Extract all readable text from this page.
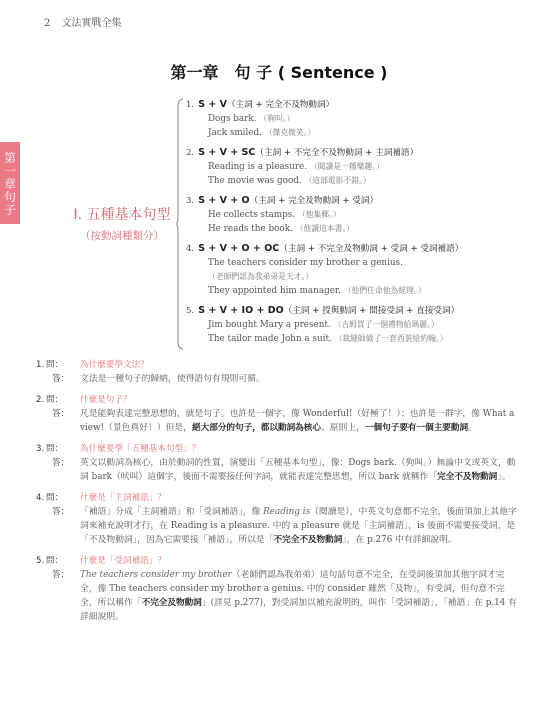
2 文法實戰全集
第一章 句子
第一章　句 子 ( Sentence )
I. 五種基本句型
（按動詞種類分）
1. S + V（主詞 + 完全不及物動詞）
Dogs bark. （狗叫。）
Jack smiled. （傑克微笑。）
2. S + V + SC（主詞 + 不完全不及物動詞 + 主詞補語）
Reading is a pleasure. （閱讀是一種樂趣。）
The movie was good. （這部電影不錯。）
3. S + V + O（主詞 + 完全及物動詞 + 受詞）
He collects stamps. （他集郵。）
He reads the book. （他讀這本書。）
4. S + V + O + OC（主詞 + 不完全及物動詞 + 受詞 + 受詞補語）
The teachers consider my brother a genius.
（老師們認為我弟弟是天才。）
They appointed him manager. （他們任命他為經理。）
5. S + V + IO + DO（主詞 + 授與動詞 + 間接受詞 + 直接受詞）
Jim bought Mary a present. （吉姆買了一個禮物給瑪麗。）
The tailor made John a suit. （裁縫師做了一套西裝給約翰。）
1. 問：	為什麼要學文法？
答：	文法是一種句子的歸納，使得語句有規則可循。
2. 問：	什麼是句子？
答：	凡是能夠表達完整思想的，就是句子。也許是一個字，像 Wonderful!（好極了！）；也許是一群字，像 What a view!（景色真好！）但是，絕大部分的句子，都以動詞為核心。原則上，一個句子要有一個主要動詞。
3. 問：	為什麼要學「五種基本句型」？
答：	英文以動詞為核心，由於動詞的性質，演變出「五種基本句型」，像：Dogs bark.（狗叫。）無論中文或英文，動詞 bark（吠叫）這個字，後面不需要接任何字詞，就能表達完整思想，所以 bark 就稱作「完全不及物動詞」。
4. 問：	什麼是「主詞補語」？
答：	「補語」分成「主詞補語」和「受詞補語」，像 Reading is（閱讀是），中英文句意都不完全，後面須加上其他字詞來補充說明才行，在 Reading is a pleasure. 中的 a pleasure 就是「主詞補語」，is 後面不需要接受詞，是「不及物動詞」，因為它需要接「補語」，所以是「不完全不及物動詞」，在 p.276 中有詳細說明。
5. 問：	什麼是「受詞補語」？
答：	The teachers consider my brother（老師們認為我弟弟）這句話句意不完全，在受詞後須加其他字詞才完全，像 The teachers consider my brother a genius. 中的 consider 雖然「及物」，有受詞，但句意不完全，所以稱作「不完全及物動詞」(詳見 p.277)，對受詞加以補充說明的，叫作「受詞補語」，「補語」在 p.14 有詳細說明。
